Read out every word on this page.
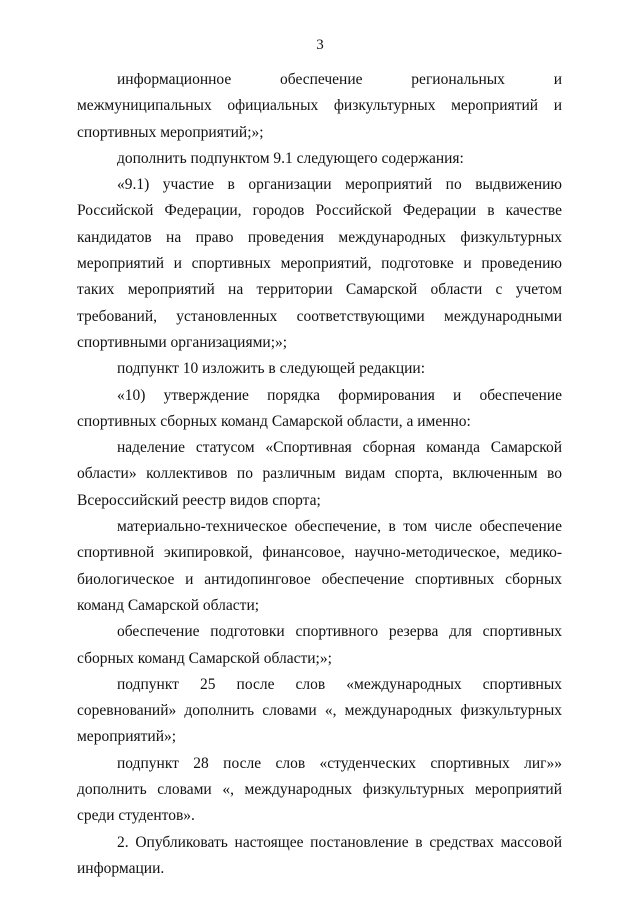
3

информационное обеспечение региональных и межмуниципальных официальных физкультурных мероприятий и спортивных мероприятий;»;

дополнить подпунктом 9.1 следующего содержания:

«9.1) участие в организации мероприятий по выдвижению Российской Федерации, городов Российской Федерации в качестве кандидатов на право проведения международных физкультурных мероприятий и спортивных мероприятий, подготовке и проведению таких мероприятий на территории Самарской области с учетом требований, установленных соответствующими международными спортивными организациями;»;

подпункт 10 изложить в следующей редакции:

«10) утверждение порядка формирования и обеспечение спортивных сборных команд Самарской области, а именно:

наделение статусом «Спортивная сборная команда Самарской области» коллективов по различным видам спорта, включенным во Всероссийский реестр видов спорта;

материально-техническое обеспечение, в том числе обеспечение спортивной экипировкой, финансовое, научно-методическое, медико-биологическое и антидопинговое обеспечение спортивных сборных команд Самарской области;

обеспечение подготовки спортивного резерва для спортивных сборных команд Самарской области;»;

подпункт 25 после слов «международных спортивных соревнований» дополнить словами «, международных физкультурных мероприятий»;

подпункт 28 после слов «студенческих спортивных лиг»» дополнить словами «, международных физкультурных мероприятий среди студентов».

2. Опубликовать настоящее постановление в средствах массовой информации.
